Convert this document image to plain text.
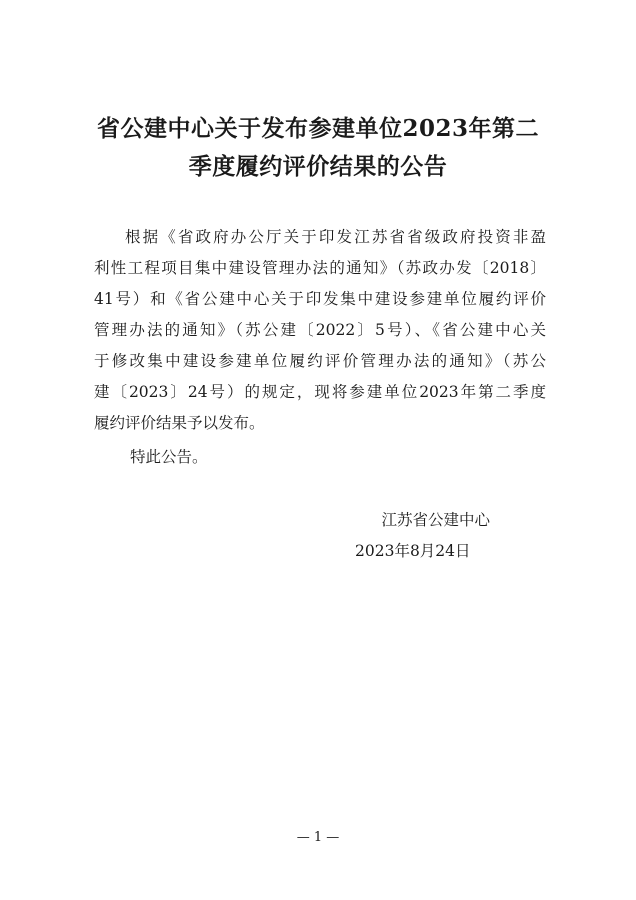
省公建中心关于发布参建单位2023年第二
季度履约评价结果的公告
根据《省政府办公厅关于印发江苏省省级政府投资非盈
利性工程项目集中建设管理办法的通知》（苏政办发〔2018〕
41号）和《省公建中心关于印发集中建设参建单位履约评价
管理办法的通知》（苏公建〔2022〕5号）、《省公建中心关
于修改集中建设参建单位履约评价管理办法的通知》（苏公
建〔2023〕24号）的规定，现将参建单位2023年第二季度
履约评价结果予以发布。

特此公告。

江苏省公建中心

2023年8月24日

— 1 —
